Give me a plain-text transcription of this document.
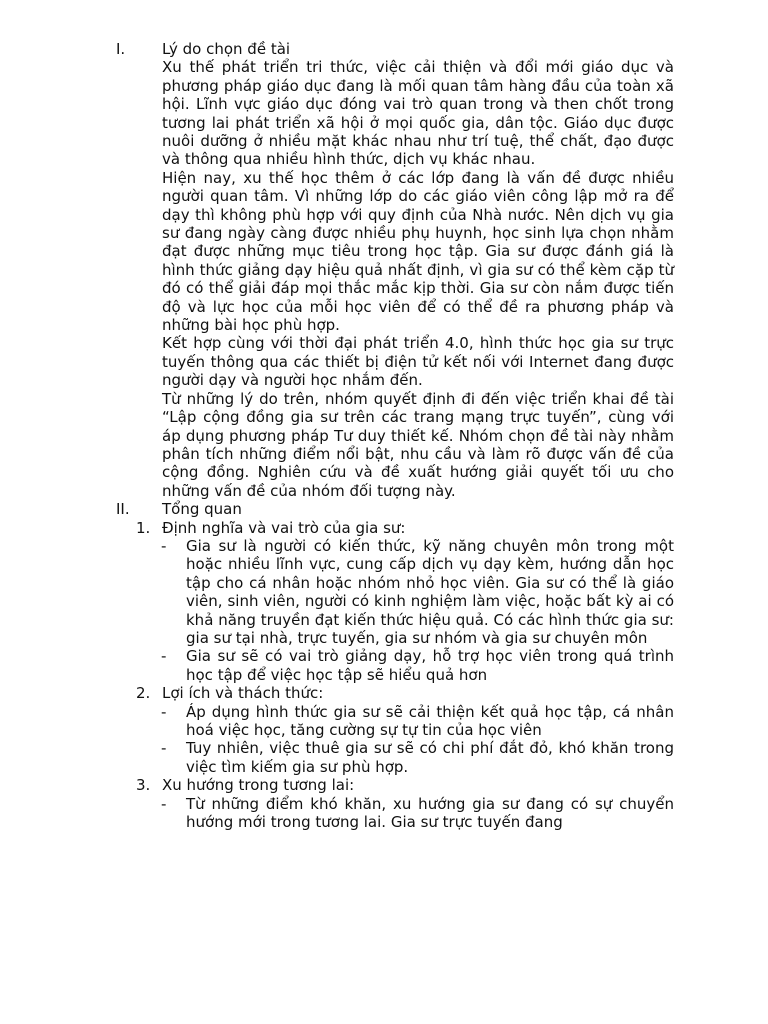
I. Lý do chọn đề tài

Xu thế phát triển tri thức, việc cải thiện và đổi mới giáo dục và phương pháp giáo dục đang là mối quan tâm hàng đầu của toàn xã hội. Lĩnh vực giáo dục đóng vai trò quan trong và then chốt trong tương lai phát triển xã hội ở mọi quốc gia, dân tộc. Giáo dục được nuôi dưỡng ở nhiều mặt khác nhau như trí tuệ, thể chất, đạo được và thông qua nhiều hình thức, dịch vụ khác nhau.

Hiện nay, xu thế học thêm ở các lớp đang là vấn đề được nhiều người quan tâm. Vì những lớp do các giáo viên công lập mở ra để dạy thì không phù hợp với quy định của Nhà nước. Nên dịch vụ gia sư đang ngày càng được nhiều phụ huynh, học sinh lựa chọn nhằm đạt được những mục tiêu trong học tập. Gia sư được đánh giá là hình thức giảng dạy hiệu quả nhất định, vì gia sư có thể kèm cặp từ đó có thể giải đáp mọi thắc mắc kịp thời. Gia sư còn nắm được tiến độ và lực học của mỗi học viên để có thể đề ra phương pháp và những bài học phù hợp.

Kết hợp cùng với thời đại phát triển 4.0, hình thức học gia sư trực tuyến thông qua các thiết bị điện tử kết nối với Internet đang được người dạy và người học nhắm đến.

Từ những lý do trên, nhóm quyết định đi đến việc triển khai đề tài “Lập cộng đồng gia sư trên các trang mạng trực tuyến”, cùng với áp dụng phương pháp Tư duy thiết kế. Nhóm chọn đề tài này nhằm phân tích những điểm nổi bật, nhu cầu và làm rõ được vấn đề của cộng đồng. Nghiên cứu và đề xuất hướng giải quyết tối ưu cho những vấn đề của nhóm đối tượng này.

II. Tổng quan
1. Định nghĩa và vai trò của gia sư:
- Gia sư là người có kiến thức, kỹ năng chuyên môn trong một hoặc nhiều lĩnh vực, cung cấp dịch vụ dạy kèm, hướng dẫn học tập cho cá nhân hoặc nhóm nhỏ học viên. Gia sư có thể là giáo viên, sinh viên, người có kinh nghiệm làm việc, hoặc bất kỳ ai có khả năng truyền đạt kiến thức hiệu quả. Có các hình thức gia sư: gia sư tại nhà, trực tuyến, gia sư nhóm và gia sư chuyên môn
- Gia sư sẽ có vai trò giảng dạy, hỗ trợ học viên trong quá trình học tập để việc học tập sẽ hiểu quả hơn
2. Lợi ích và thách thức:
- Áp dụng hình thức gia sư sẽ cải thiện kết quả học tập, cá nhân hoá việc học, tăng cường sự tự tin của học viên
- Tuy nhiên, việc thuê gia sư sẽ có chi phí đắt đỏ, khó khăn trong việc tìm kiếm gia sư phù hợp.
3. Xu hướng trong tương lai:
- Từ những điểm khó khăn, xu hướng gia sư đang có sự chuyển hướng mới trong tương lai. Gia sư trực tuyến đang
